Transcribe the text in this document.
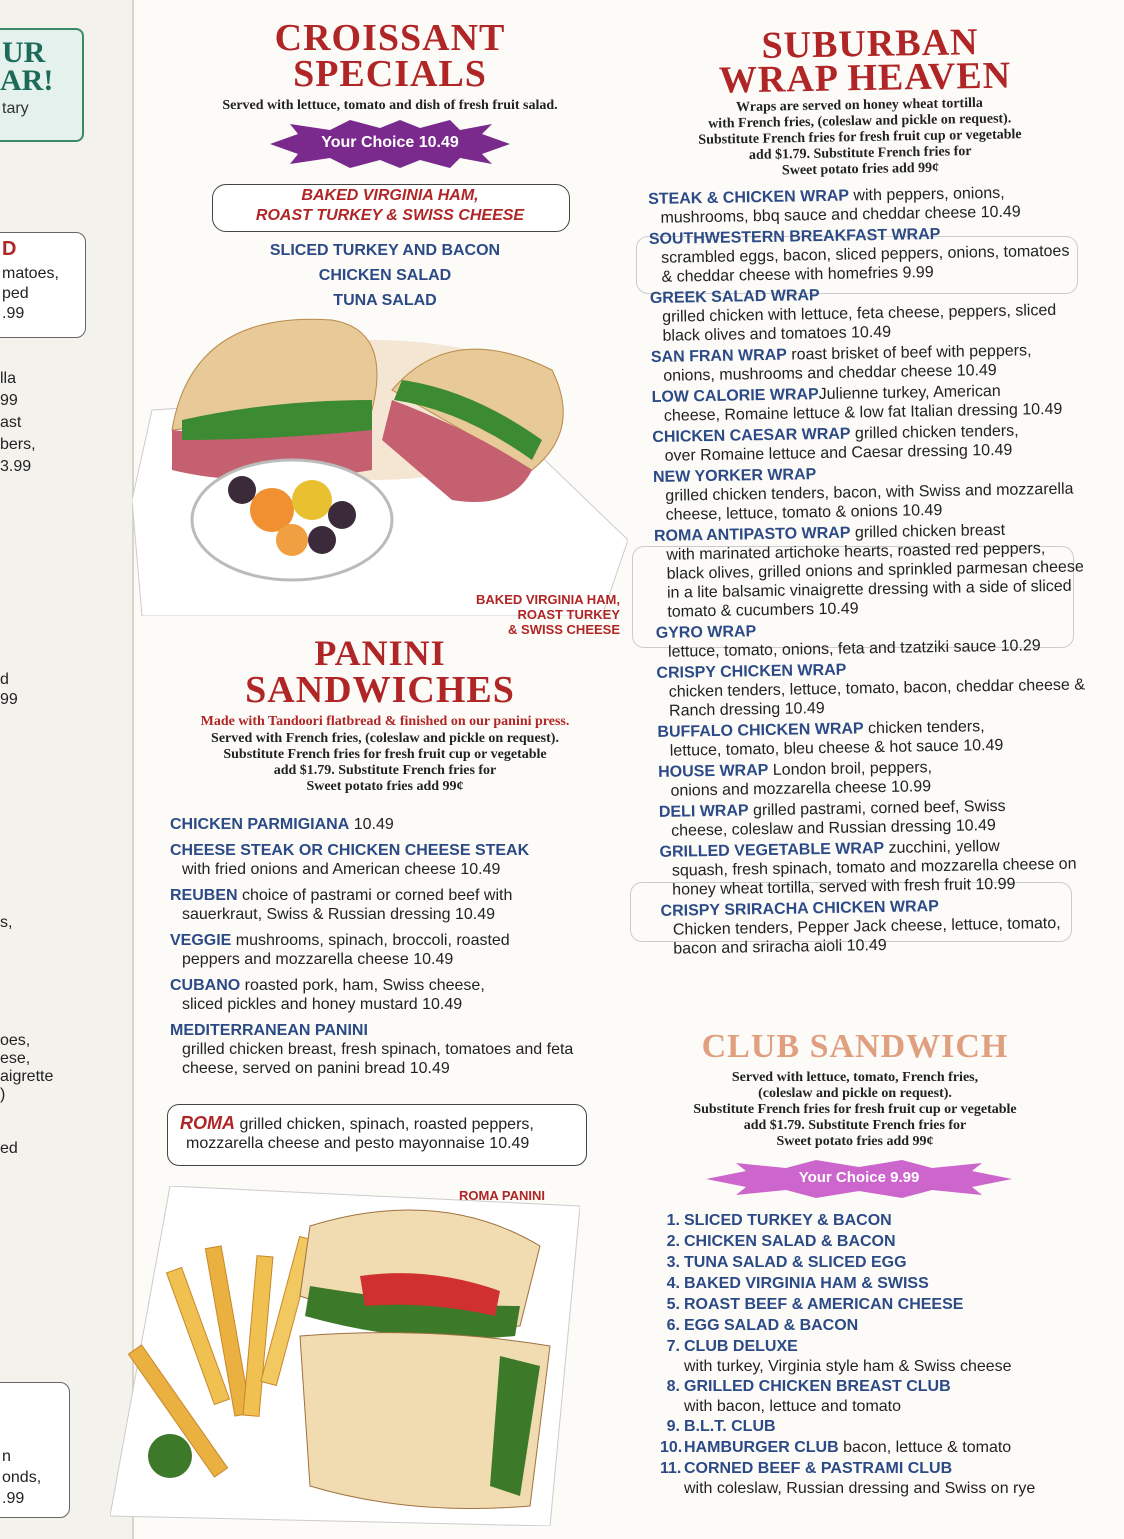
UR
AR!
tary
D
matoes,
ped
.99
lla
99
ast
bers,
3.99
d
99
s,
oes,
ese,
aigrette
)
ed
n
onds,
.99
CROISSANT
SPECIALS
Served with lettuce, tomato and dish of fresh fruit salad.
Your Choice 10.49
BAKED VIRGINIA HAM,
ROAST TURKEY & SWISS CHEESE
SLICED TURKEY AND BACON
CHICKEN SALAD
TUNA SALAD
BAKED VIRGINIA HAM,
ROAST TURKEY
& SWISS CHEESE
PANINI
SANDWICHES
Made with Tandoori flatbread & finished on our panini press.
Served with French fries, (coleslaw and pickle on request).
Substitute French fries for fresh fruit cup or vegetable
add $1.79. Substitute French fries for
Sweet potato fries add 99¢
CHICKEN PARMIGIANA 10.49
CHEESE STEAK OR CHICKEN CHEESE STEAK
with fried onions and American cheese 10.49
REUBEN choice of pastrami or corned beef with
sauerkraut, Swiss & Russian dressing 10.49
VEGGIE mushrooms, spinach, broccoli, roasted
peppers and mozzarella cheese 10.49
CUBANO roasted pork, ham, Swiss cheese,
sliced pickles and honey mustard 10.49
MEDITERRANEAN PANINI
grilled chicken breast, fresh spinach, tomatoes and feta cheese, served on panini bread 10.49
ROMA grilled chicken, spinach, roasted peppers,
mozzarella cheese and pesto mayonnaise 10.49
ROMA PANINI
SUBURBAN
WRAP HEAVEN
Wraps are served on honey wheat tortilla
with French fries, (coleslaw and pickle on request).
Substitute French fries for fresh fruit cup or vegetable
add $1.79. Substitute French fries for
Sweet potato fries add 99¢
STEAK & CHICKEN WRAP with peppers, onions,
mushrooms, bbq sauce and cheddar cheese 10.49
SOUTHWESTERN BREAKFAST WRAP
scrambled eggs, bacon, sliced peppers, onions, tomatoes & cheddar cheese with homefries 9.99
GREEK SALAD WRAP
grilled chicken with lettuce, feta cheese, peppers, sliced black olives and tomatoes 10.49
SAN FRAN WRAP roast brisket of beef with peppers,
onions, mushrooms and cheddar cheese 10.49
LOW CALORIE WRAPJulienne turkey, American
cheese, Romaine lettuce & low fat Italian dressing 10.49
CHICKEN CAESAR WRAP grilled chicken tenders,
over Romaine lettuce and Caesar dressing 10.49
NEW YORKER WRAP
grilled chicken tenders, bacon, with Swiss and mozzarella cheese, lettuce, tomato & onions 10.49
ROMA ANTIPASTO WRAP grilled chicken breast
with marinated artichoke hearts, roasted red peppers, black olives, grilled onions and sprinkled parmesan cheese in a lite balsamic vinaigrette dressing with a side of sliced tomato & cucumbers 10.49
GYRO WRAP
lettuce, tomato, onions, feta and tzatziki sauce 10.29
CRISPY CHICKEN WRAP
chicken tenders, lettuce, tomato, bacon, cheddar cheese & Ranch dressing 10.49
BUFFALO CHICKEN WRAP chicken tenders,
lettuce, tomato, bleu cheese & hot sauce 10.49
HOUSE WRAP London broil, peppers,
onions and mozzarella cheese 10.99
DELI WRAP grilled pastrami, corned beef, Swiss
cheese, coleslaw and Russian dressing 10.49
GRILLED VEGETABLE WRAP zucchini, yellow
squash, fresh spinach, tomato and mozzarella cheese on honey wheat tortilla, served with fresh fruit 10.99
CRISPY SRIRACHA CHICKEN WRAP
Chicken tenders, Pepper Jack cheese, lettuce, tomato, bacon and sriracha aioli 10.49
CLUB SANDWICH
Served with lettuce, tomato, French fries,
(coleslaw and pickle on request).
Substitute French fries for fresh fruit cup or vegetable
add $1.79. Substitute French fries for
Sweet potato fries add 99¢
Your Choice 9.99
1. SLICED TURKEY & BACON
2. CHICKEN SALAD & BACON
3. TUNA SALAD & SLICED EGG
4. BAKED VIRGINIA HAM & SWISS
5. ROAST BEEF & AMERICAN CHEESE
6. EGG SALAD & BACON
7. CLUB DELUXE
with turkey, Virginia style ham & Swiss cheese
8. GRILLED CHICKEN BREAST CLUB
with bacon, lettuce and tomato
9. B.L.T. CLUB
10. HAMBURGER CLUB bacon, lettuce & tomato
11. CORNED BEEF & PASTRAMI CLUB
with coleslaw, Russian dressing and Swiss on rye
